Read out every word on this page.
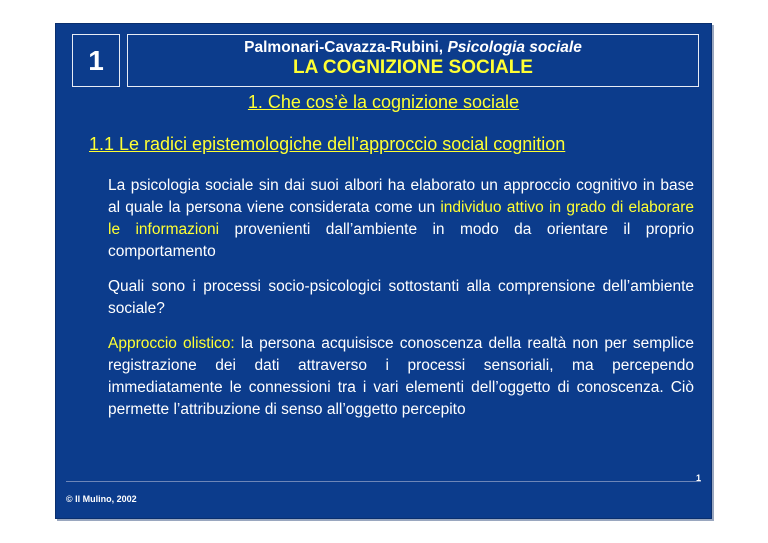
1	Palmonari-Cavazza-Rubini, Psicologia sociale
LA COGNIZIONE SOCIALE
1. Che cos’è la cognizione sociale
1.1 Le radici epistemologiche dell’approccio social cognition
La psicologia sociale sin dai suoi albori ha elaborato un approccio cognitivo in base al quale la persona viene considerata come un individuo attivo in grado di elaborare le informazioni provenienti dall’ambiente in modo da orientare il proprio comportamento
Quali sono i processi socio-psicologici sottostanti alla comprensione dell’ambiente sociale?
Approccio olistico: la persona acquisisce conoscenza della realtà non per semplice registrazione dei dati attraverso i processi sensoriali, ma percependo immediatamente le connessioni tra i vari elementi dell’oggetto di conoscenza. Ciò permette l’attribuzione di senso all’oggetto percepito
© Il Mulino, 2002
1
